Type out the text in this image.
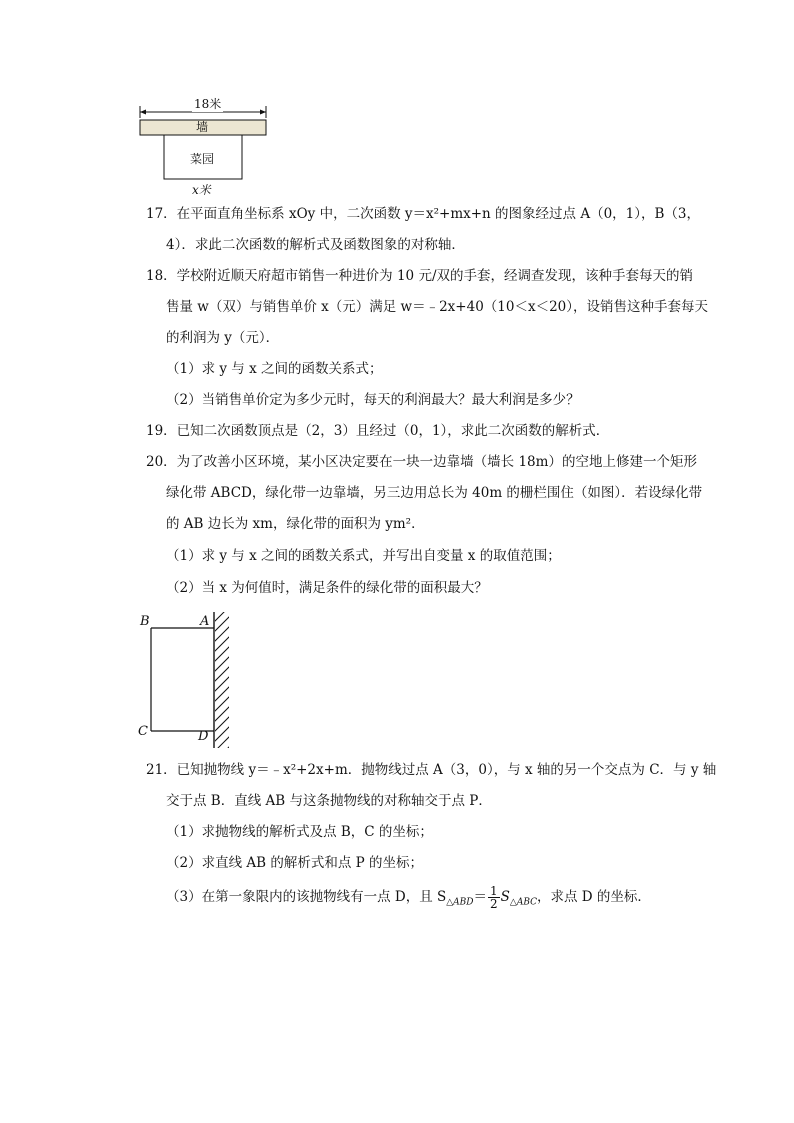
18米
墙
菜园
x米
17．在平面直角坐标系 xOy 中，二次函数 y＝x²+mx+n 的图象经过点 A（0，1），B（3，
4）．求此二次函数的解析式及函数图象的对称轴．
18．学校附近顺天府超市销售一种进价为 10 元/双的手套，经调查发现，该种手套每天的销
售量 w（双）与销售单价 x（元）满足 w＝﹣2x+40（10＜x＜20），设销售这种手套每天
的利润为 y（元）．
（1）求 y 与 x 之间的函数关系式；
（2）当销售单价定为多少元时，每天的利润最大？最大利润是多少？
19．已知二次函数顶点是（2，3）且经过（0，1），求此二次函数的解析式．
20．为了改善小区环境，某小区决定要在一块一边靠墙（墙长 18m）的空地上修建一个矩形
绿化带 ABCD，绿化带一边靠墙，另三边用总长为 40m 的栅栏围住（如图）．若设绿化带
的 AB 边长为 xm，绿化带的面积为 ym²．
（1）求 y 与 x 之间的函数关系式，并写出自变量 x 的取值范围；
（2）当 x 为何值时，满足条件的绿化带的面积最大？
B	A
C	D
21．已知抛物线 y＝﹣x²+2x+m．抛物线过点 A（3，0），与 x 轴的另一个交点为 C．与 y 轴
交于点 B．直线 AB 与这条抛物线的对称轴交于点 P．
（1）求抛物线的解析式及点 B，C 的坐标；
（2）求直线 AB 的解析式和点 P 的坐标；
（3）在第一象限内的该抛物线有一点 D，且 $S_{\triangle ABD}= \frac{1}{2} S_{\triangle ABC}$，求点 D 的坐标．
